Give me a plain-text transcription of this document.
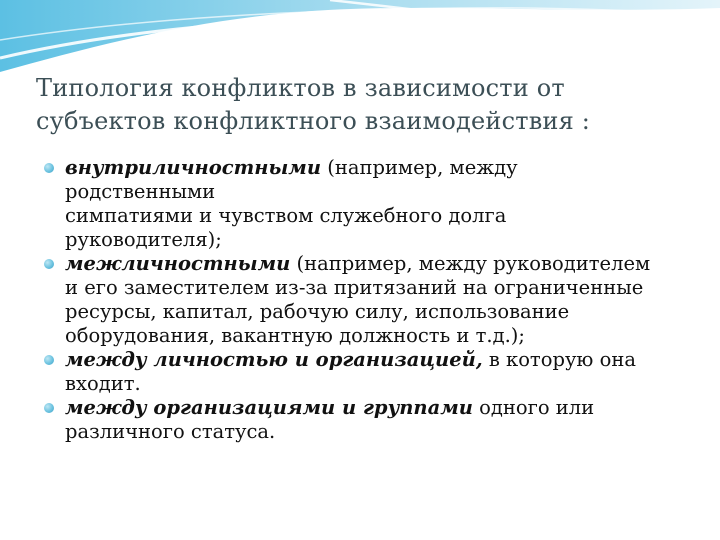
Типология конфликтов в зависимости от
субъектов конфликтного взаимодействия :
внутриличностными (например, между
родственными
симпатиями и чувством служебного долга
руководителя);
межличностными (например, между руководителем
и его заместителем из-за притязаний на ограниченные
ресурсы, капитал, рабочую силу, использование
оборудования, вакантную должность и т.д.);
между личностью и организацией, в которую она
входит.
между организациями и группами одного или
различного статуса.
